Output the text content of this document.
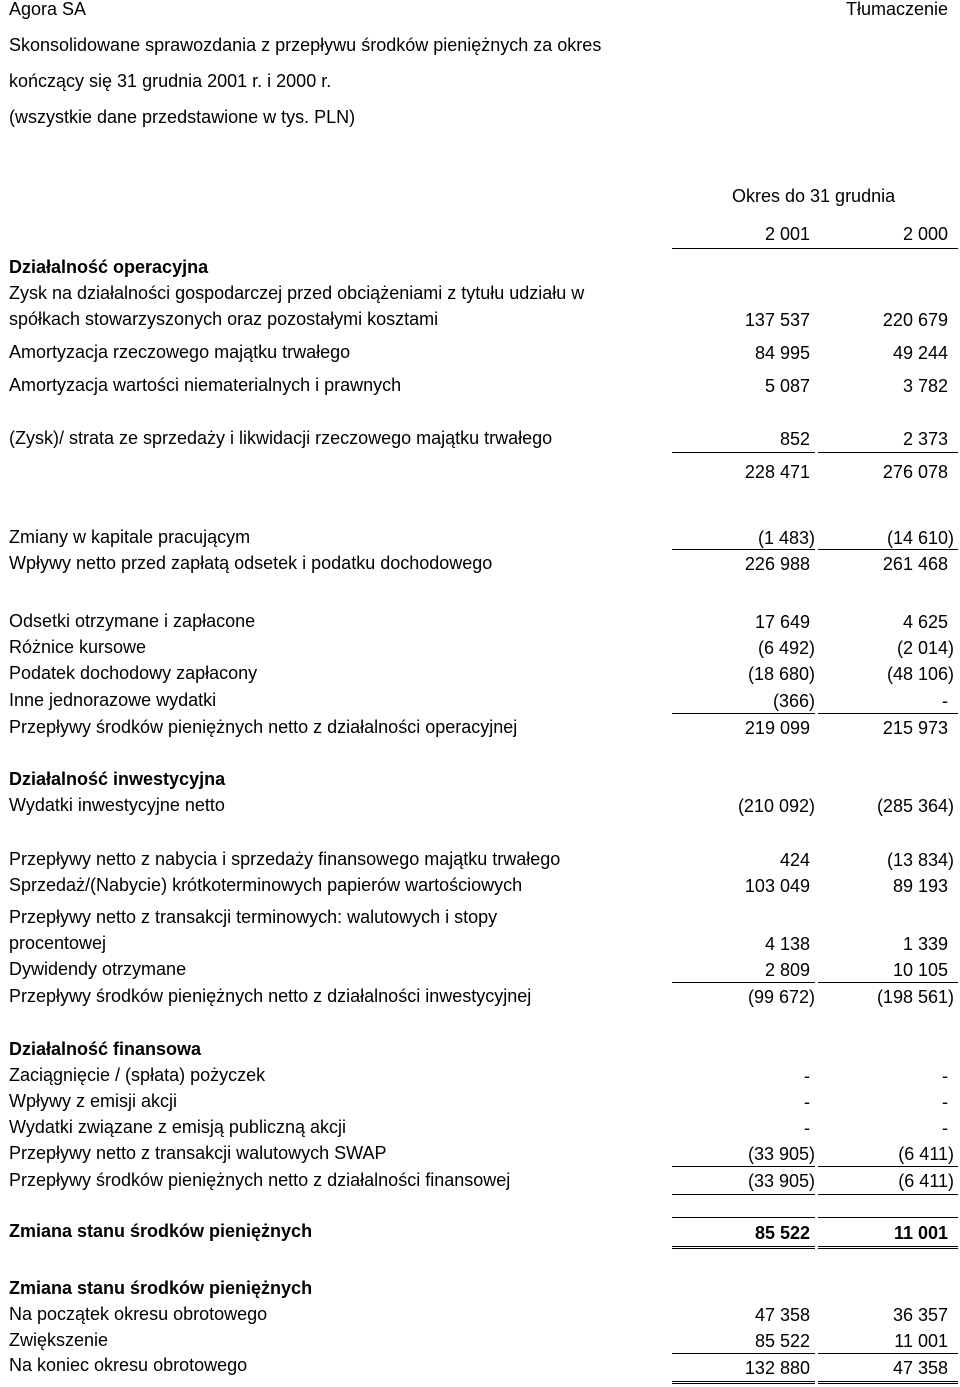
Agora SA	Tłumaczenie
Skonsolidowane sprawozdania z przepływu środków pieniężnych za okres
kończący się 31 grudnia 2001 r. i 2000 r.
(wszystkie dane przedstawione w tys. PLN)
Okres do 31 grudnia
2 001	2 000
Działalność operacyjna
Zysk na działalności gospodarczej przed obciążeniami z tytułu udziału w
spółkach stowarzyszonych oraz pozostałymi kosztami	137 537	220 679
Amortyzacja rzeczowego majątku trwałego	84 995	49 244
Amortyzacja wartości niematerialnych i prawnych	5 087	3 782
(Zysk)/ strata ze sprzedaży i likwidacji rzeczowego majątku trwałego	852	2 373
228 471	276 078
Zmiany w kapitale pracującym	(1 483)	(14 610)
Wpływy netto przed zapłatą odsetek i podatku dochodowego	226 988	261 468
Odsetki otrzymane i zapłacone	17 649	4 625
Różnice kursowe	(6 492)	(2 014)
Podatek dochodowy zapłacony	(18 680)	(48 106)
Inne jednorazowe wydatki	(366)	-
Przepływy środków pieniężnych netto z działalności operacyjnej	219 099	215 973
Działalność inwestycyjna
Wydatki inwestycyjne netto	(210 092)	(285 364)
Przepływy netto z nabycia i sprzedaży finansowego majątku trwałego	424	(13 834)
Sprzedaż/(Nabycie) krótkoterminowych papierów wartościowych	103 049	89 193
Przepływy netto z transakcji terminowych: walutowych i stopy
procentowej	4 138	1 339
Dywidendy otrzymane	2 809	10 105
Przepływy środków pieniężnych netto z działalności inwestycyjnej	(99 672)	(198 561)
Działalność finansowa
Zaciągnięcie / (spłata) pożyczek	-	-
Wpływy z emisji akcji	-	-
Wydatki związane z emisją publiczną akcji	-	-
Przepływy netto z transakcji walutowych SWAP	(33 905)	(6 411)
Przepływy środków pieniężnych netto z działalności finansowej	(33 905)	(6 411)
Zmiana stanu środków pieniężnych	85 522	11 001
Zmiana stanu środków pieniężnych
Na początek okresu obrotowego	47 358	36 357
Zwiększenie	85 522	11 001
Na koniec okresu obrotowego	132 880	47 358
